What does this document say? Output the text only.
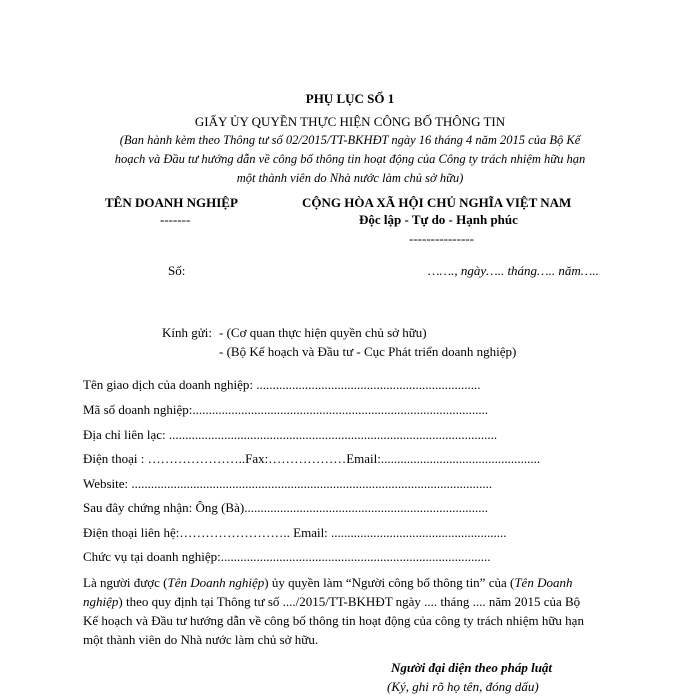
PHỤ LỤC SỐ 1
GIẤY ỦY QUYỀN THỰC HIỆN CÔNG BỐ THÔNG TIN
(Ban hành kèm theo Thông tư số 02/2015/TT-BKHĐT ngày 16 tháng 4 năm 2015 của Bộ Kế
hoạch và Đầu tư hướng dẫn về công bố thông tin hoạt động của Công ty trách nhiệm hữu hạn
một thành viên do Nhà nước làm chủ sở hữu)
TÊN DOANH NGHIỆP
-------
Số:
CỘNG HÒA XÃ HỘI CHỦ NGHĨA VIỆT NAM
Độc lập - Tự do - Hạnh phúc
---------------
……., ngày….. tháng….. năm…..
Kính gửi: - (Cơ quan thực hiện quyền chủ sở hữu)
- (Bộ Kế hoạch và Đầu tư - Cục Phát triển doanh nghiệp)
Tên giao dịch của doanh nghiệp: .....................................................................
Mã số doanh nghiệp:...........................................................................................
Địa chỉ liên lạc: .....................................................................................................
Điện thoại : …………………..Fax:………………Email:.................................................
Website: ...............................................................................................................
Sau đây chứng nhận: Ông (Bà)...........................................................................
Điện thoại liên hệ:…………………….. Email: ......................................................
Chức vụ tại doanh nghiệp:...................................................................................
Là người được (Tên Doanh nghiệp) ủy quyền làm “Người công bố thông tin” của (Tên Doanh
nghiệp) theo quy định tại Thông tư số ..../2015/TT-BKHĐT ngày .... tháng .... năm 2015 của Bộ
Kế hoạch và Đầu tư hướng dẫn về công bố thông tin hoạt động của công ty trách nhiệm hữu hạn
một thành viên do Nhà nước làm chủ sở hữu.
Người đại diện theo pháp luật
(Ký, ghi rõ họ tên, đóng dấu)
